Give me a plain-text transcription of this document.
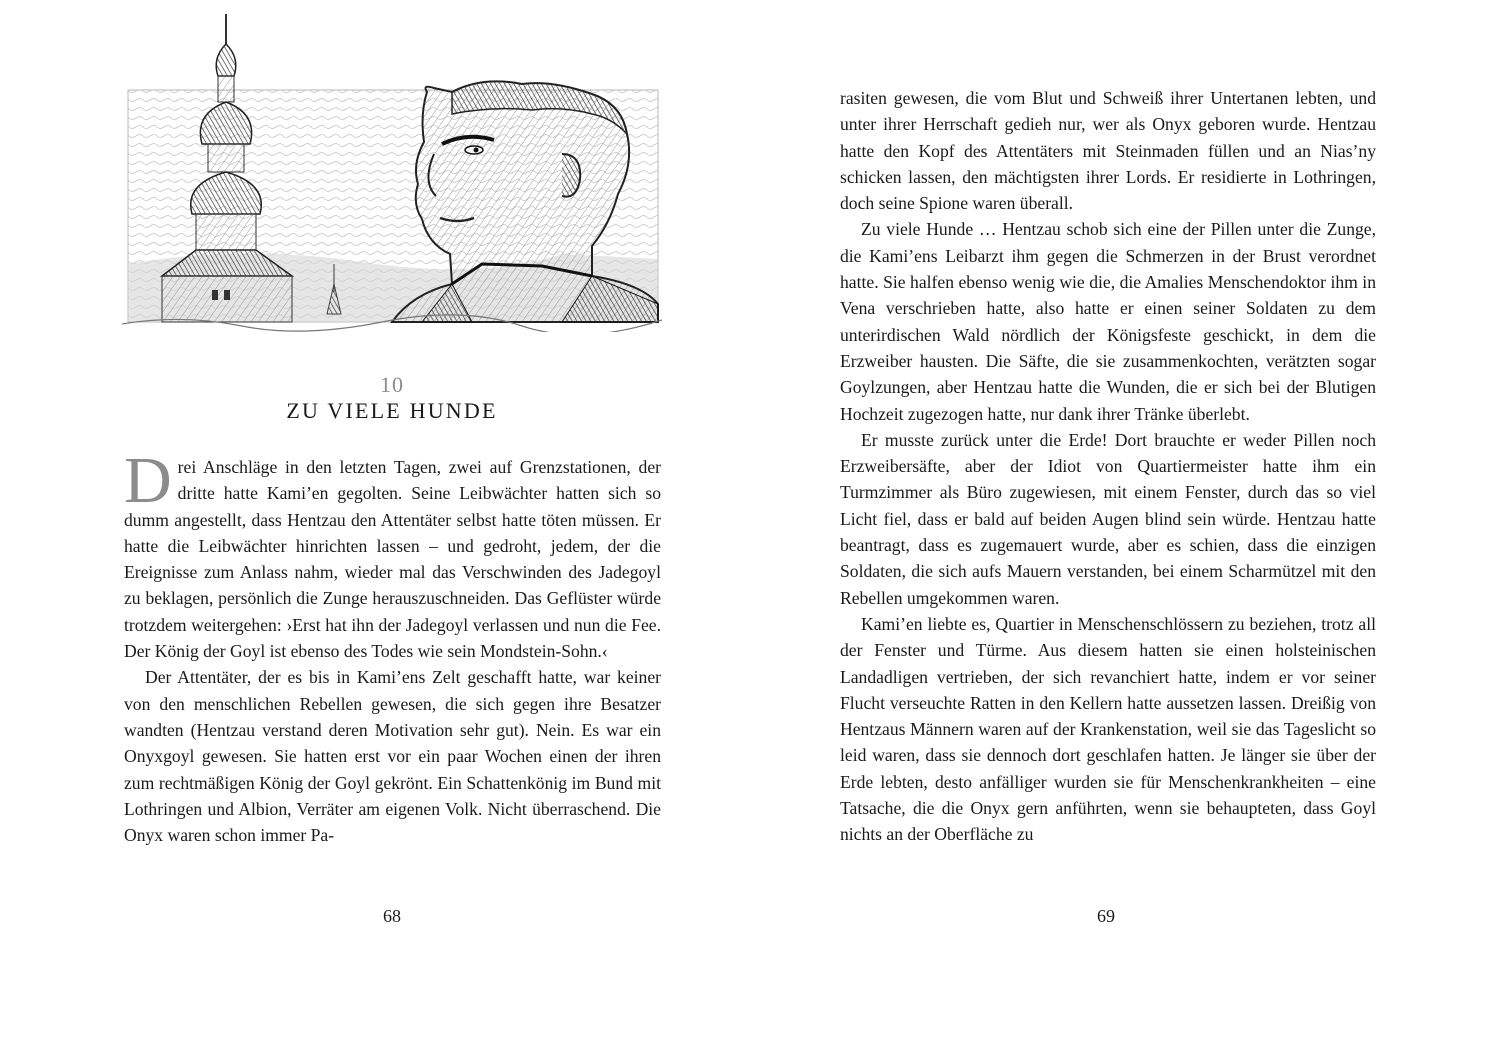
10
ZU VIELE HUNDE

Drei Anschläge in den letzten Tagen, zwei auf Grenzstationen, der dritte hatte Kami’en gegolten. Seine Leibwächter hatten sich so dumm angestellt, dass Hentzau den Attentäter selbst hatte töten müssen. Er hatte die Leibwächter hinrichten lassen – und gedroht, jedem, der die Ereignisse zum Anlass nahm, wieder mal das Verschwinden des Jadegoyl zu beklagen, persönlich die Zunge herauszuschneiden. Das Geflüster würde trotzdem weitergehen: ›Erst hat ihn der Jadegoyl verlassen und nun die Fee. Der König der Goyl ist ebenso des Todes wie sein Mondstein-Sohn.‹

Der Attentäter, der es bis in Kami’ens Zelt geschafft hatte, war keiner von den menschlichen Rebellen gewesen, die sich gegen ihre Besatzer wandten (Hentzau verstand deren Motivation sehr gut). Nein. Es war ein Onyxgoyl gewesen. Sie hatten erst vor ein paar Wochen einen der ihren zum rechtmäßigen König der Goyl gekrönt. Ein Schattenkönig im Bund mit Lothringen und Albion, Verräter am eigenen Volk. Nicht überraschend. Die Onyx waren schon immer Pa-

68

rasiten gewesen, die vom Blut und Schweiß ihrer Untertanen lebten, und unter ihrer Herrschaft gedieh nur, wer als Onyx geboren wurde. Hentzau hatte den Kopf des Attentäters mit Steinmaden füllen und an Nias’ny schicken lassen, den mächtigsten ihrer Lords. Er residierte in Lothringen, doch seine Spione waren überall.

Zu viele Hunde … Hentzau schob sich eine der Pillen unter die Zunge, die Kami’ens Leibarzt ihm gegen die Schmerzen in der Brust verordnet hatte. Sie halfen ebenso wenig wie die, die Amalies Menschendoktor ihm in Vena verschrieben hatte, also hatte er einen seiner Soldaten zu dem unterirdischen Wald nördlich der Königsfeste geschickt, in dem die Erzweiber hausten. Die Säfte, die sie zusammenkochten, verätzten sogar Goylzungen, aber Hentzau hatte die Wunden, die er sich bei der Blutigen Hochzeit zugezogen hatte, nur dank ihrer Tränke überlebt.

Er musste zurück unter die Erde! Dort brauchte er weder Pillen noch Erzweibersäfte, aber der Idiot von Quartiermeister hatte ihm ein Turmzimmer als Büro zugewiesen, mit einem Fenster, durch das so viel Licht fiel, dass er bald auf beiden Augen blind sein würde. Hentzau hatte beantragt, dass es zugemauert wurde, aber es schien, dass die einzigen Soldaten, die sich aufs Mauern verstanden, bei einem Scharmützel mit den Rebellen umgekommen waren.

Kami’en liebte es, Quartier in Menschenschlössern zu beziehen, trotz all der Fenster und Türme. Aus diesem hatten sie einen holsteinischen Landadligen vertrieben, der sich revanchiert hatte, indem er vor seiner Flucht verseuchte Ratten in den Kellern hatte aussetzen lassen. Dreißig von Hentzaus Männern waren auf der Krankenstation, weil sie das Tageslicht so leid waren, dass sie dennoch dort geschlafen hatten. Je länger sie über der Erde lebten, desto anfälliger wurden sie für Menschenkrankheiten – eine Tatsache, die die Onyx gern anführten, wenn sie behaupteten, dass Goyl nichts an der Oberfläche zu

69
